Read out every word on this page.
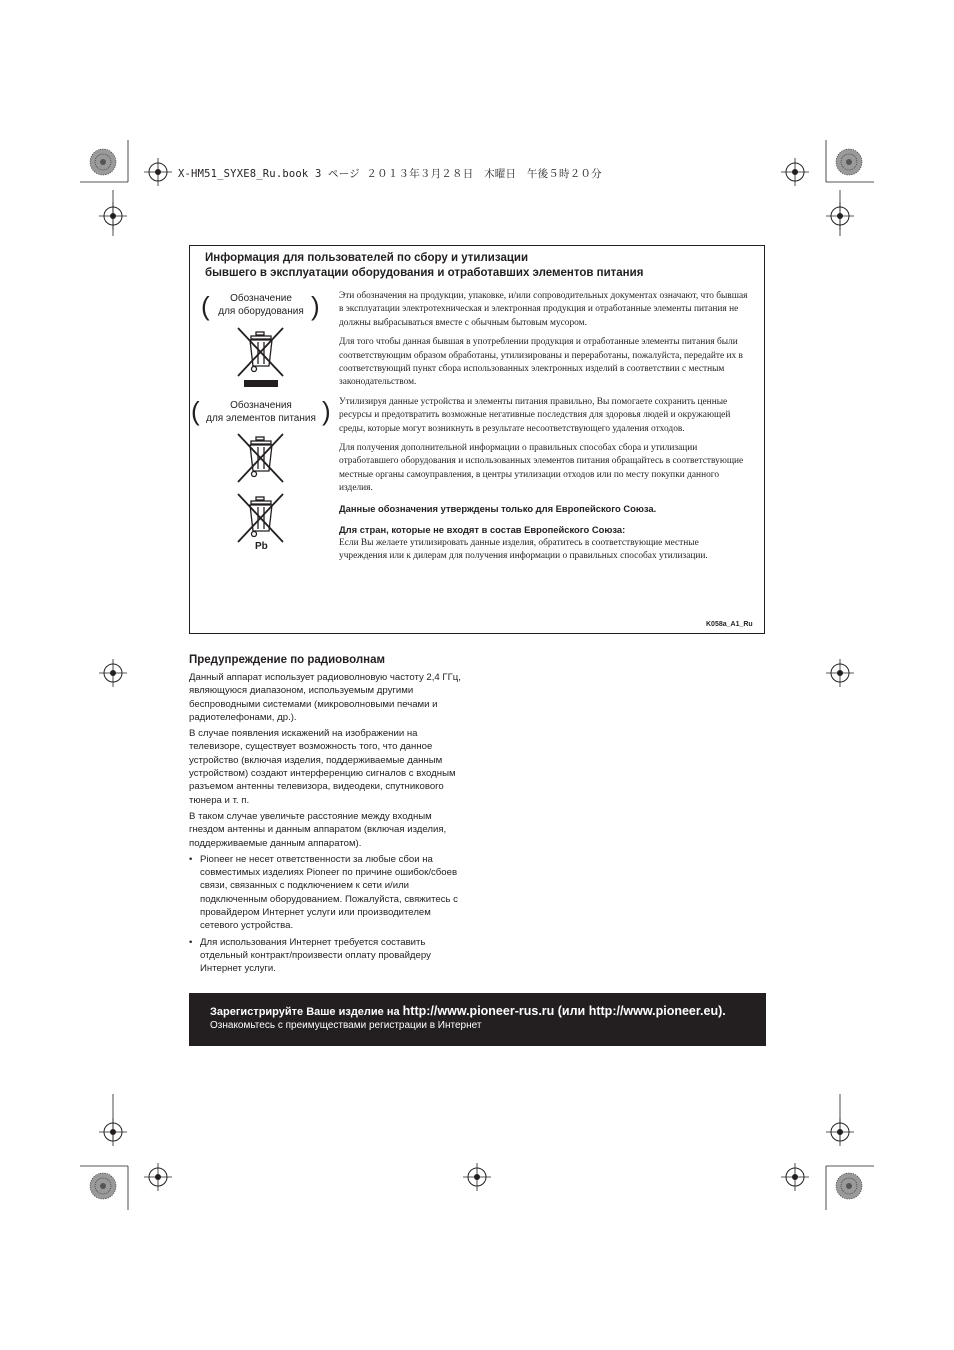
X-HM51_SYXE8_Ru.book 3 ページ ２０１３年３月２８日　木曜日　午後５時２０分
Информация для пользователей по сбору и утилизации
бывшего в эксплуатации оборудования и отработавших элементов питания
(	Обозначение
для оборудования )
(	Обозначения
для элементов питания )
Pb

Эти обозначения на продукции, упаковке, и/или сопроводительных документах означают, что бывшая в эксплуатации электротехническая и электронная продукция и отработанные элементы питания не должны выбрасываться вместе с обычным бытовым мусором.

Для того чтобы данная бывшая в употреблении продукция и отработанные элементы питания были соответствующим образом обработаны, утилизированы и переработаны, пожалуйста, передайте их в соответствующий пункт сбора использованных электронных изделий в соответствии с местным законодательством.

Утилизируя данные устройства и элементы питания правильно, Вы помогаете сохранить ценные ресурсы и предотвратить возможные негативные последствия для здоровья людей и окружающей среды, которые могут возникнуть в результате несоответствующего удаления отходов.

Для получения дополнительной информации о правильных способах сбора и утилизации отработавшего оборудования и использованных элементов питания обращайтесь в соответствующие местные органы самоуправления, в центры утилизации отходов или по месту покупки данного изделия.

Данные обозначения утверждены только для Европейского Союза.
Для стран, которые не входят в состав Европейского Союза:

Если Вы желаете утилизировать данные изделия, обратитесь в соответствующие местные учреждения или к дилерам для получения информации о правильных способах утилизации.

K058a_A1_Ru
Предупреждение по радиоволнам

Данный аппарат использует радиоволновую частоту 2,4 ГГц, являющуюся диапазоном, используемым другими беспроводными системами (микроволновыми печами и радиотелефонами, др.).

В случае появления искажений на изображении на телевизоре, существует возможность того, что данное устройство (включая изделия, поддерживаемые данным устройством) создают интерференцию сигналов с входным разъемом антенны телевизора, видеодеки, спутникового тюнера и т. п.

В таком случае увеличьте расстояние между входным гнездом антенны и данным аппаратом (включая изделия, поддерживаемые данным аппаратом).

• Pioneer не несет ответственности за любые сбои на совместимых изделиях Pioneer по причине ошибок/сбоев связи, связанных с подключением к сети и/или подключенным оборудованием. Пожалуйста, свяжитесь с провайдером Интернет услуги или производителем сетевого устройства.
• Для использования Интернет требуется составить отдельный контракт/произвести оплату провайдеру Интернет услуги.
Зарегистрируйте Ваше изделие на http://www.pioneer-rus.ru (или http://www.pioneer.eu).
Ознакомьтесь с преимуществами регистрации в Интернет
